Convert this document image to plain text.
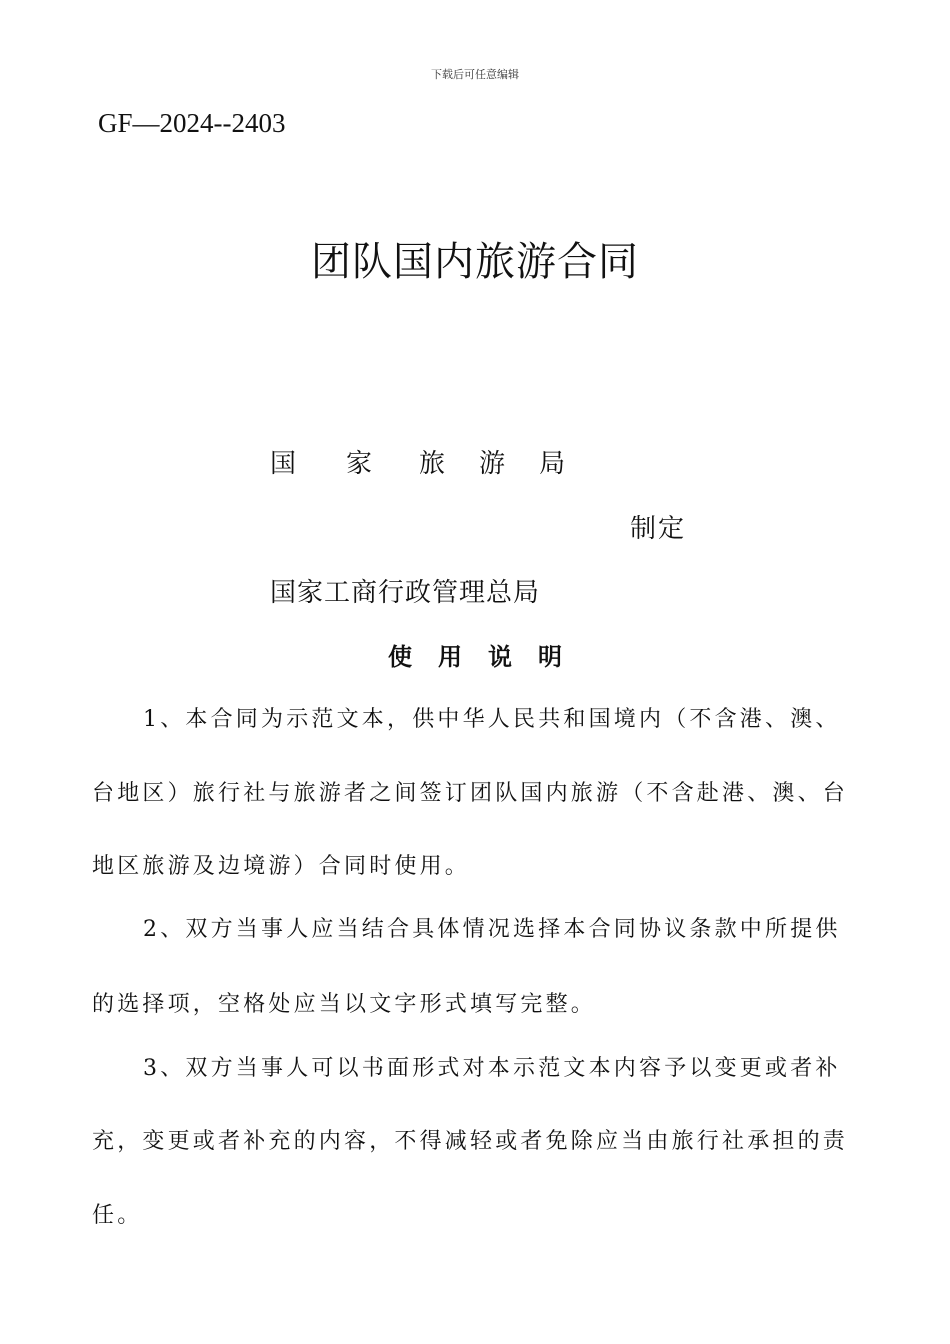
下载后可任意编辑
GF—2024--2403
团队国内旅游合同
国 家 旅 游 局
制定
国家工商行政管理总局
使 用 说 明
1、本合同为示范文本，供中华人民共和国境内（不含港、澳、
台地区）旅行社与旅游者之间签订团队国内旅游（不含赴港、澳、台
地区旅游及边境游）合同时使用。
2、双方当事人应当结合具体情况选择本合同协议条款中所提供
的选择项，空格处应当以文字形式填写完整。
3、双方当事人可以书面形式对本示范文本内容予以变更或者补
充，变更或者补充的内容，不得减轻或者免除应当由旅行社承担的责
任。
